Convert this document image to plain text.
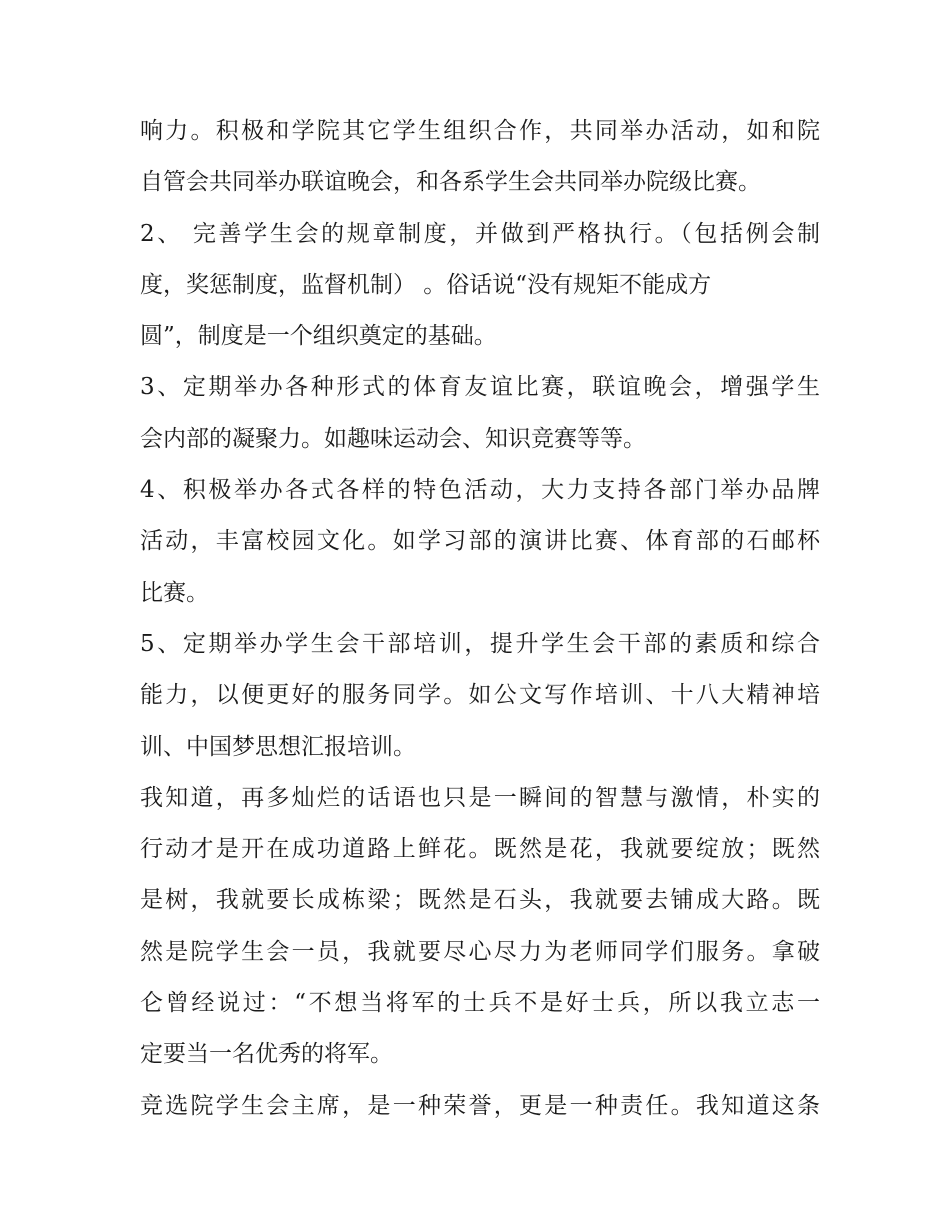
响力。积极和学院其它学生组织合作，共同举办活动，如和院
自管会共同举办联谊晚会，和各系学生会共同举办院级比赛。
2、 完善学生会的规章制度，并做到严格执行。（包括例会制
度，奖惩制度，监督机制） 。俗话说“没有规矩不能成方
圆”，制度是一个组织奠定的基础。
3、定期举办各种形式的体育友谊比赛，联谊晚会，增强学生
会内部的凝聚力。如趣味运动会、知识竞赛等等。
4、积极举办各式各样的特色活动，大力支持各部门举办品牌
活动，丰富校园文化。如学习部的演讲比赛、体育部的石邮杯
比赛。
5、定期举办学生会干部培训，提升学生会干部的素质和综合
能力，以便更好的服务同学。如公文写作培训、十八大精神培
训、中国梦思想汇报培训。
我知道，再多灿烂的话语也只是一瞬间的智慧与激情，朴实的
行动才是开在成功道路上鲜花。既然是花，我就要绽放；既然
是树，我就要长成栋梁；既然是石头，我就要去铺成大路。既
然是院学生会一员，我就要尽心尽力为老师同学们服务。拿破
仑曾经说过：“不想当将军的士兵不是好士兵，所以我立志一
定要当一名优秀的将军。
竞选院学生会主席，是一种荣誉，更是一种责任。我知道这条
